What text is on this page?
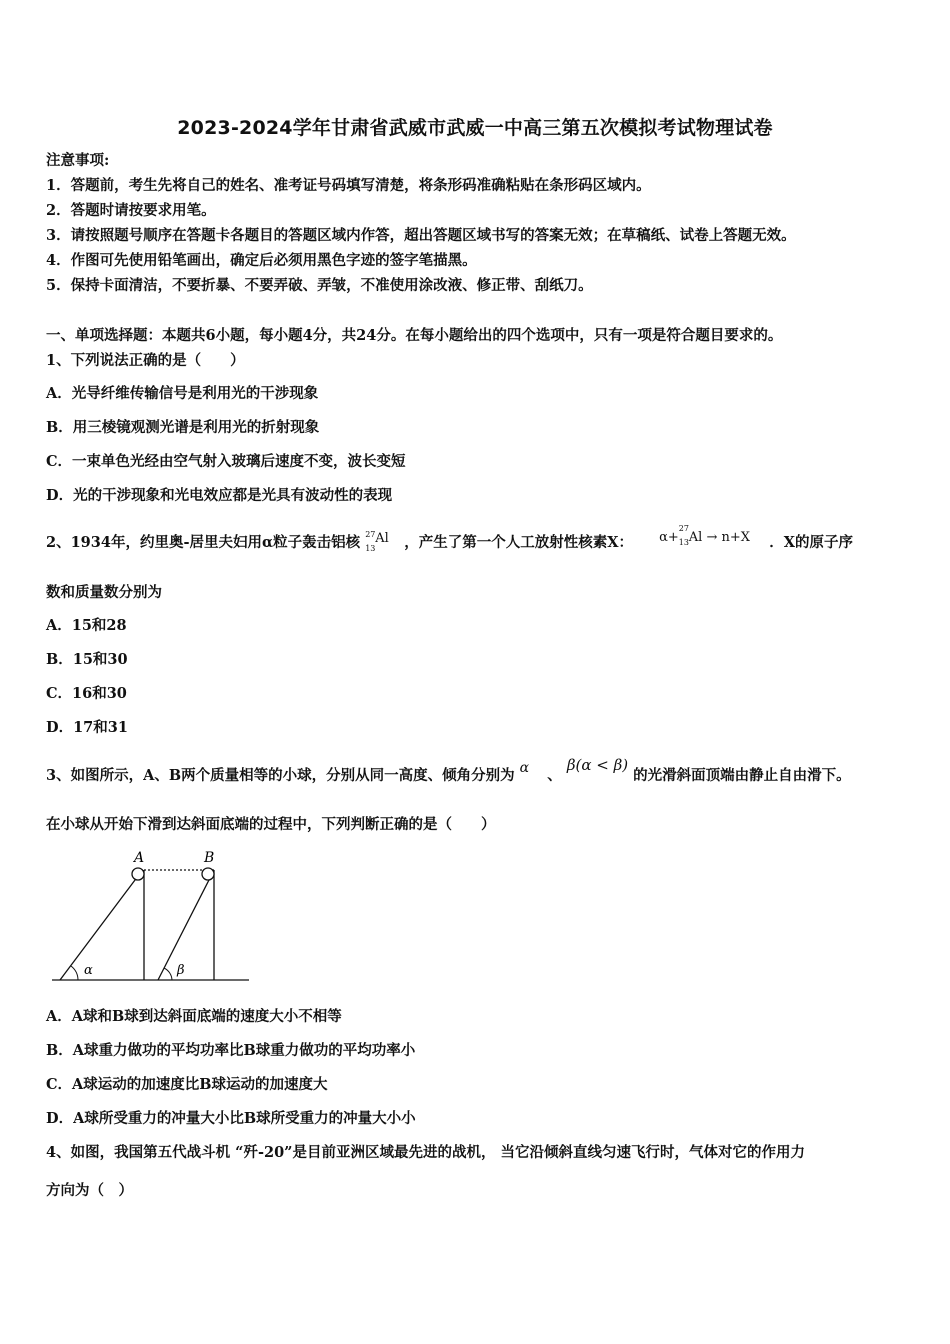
2023-2024学年甘肃省武威市武威一中高三第五次模拟考试物理试卷
注意事项:
1．答题前，考生先将自己的姓名、准考证号码填写清楚，将条形码准确粘贴在条形码区域内。
2．答题时请按要求用笔。
3．请按照题号顺序在答题卡各题目的答题区域内作答，超出答题区域书写的答案无效；在草稿纸、试卷上答题无效。
4．作图可先使用铅笔画出，确定后必须用黑色字迹的签字笔描黑。
5．保持卡面清洁，不要折暴、不要弄破、弄皱，不准使用涂改液、修正带、刮纸刀。
一、单项选择题：本题共6小题，每小题4分，共24分。在每小题给出的四个选项中，只有一项是符合题目要求的。
1、下列说法正确的是（　　）
A．光导纤维传输信号是利用光的干涉现象
B．用三棱镜观测光谱是利用光的折射现象
C．一束单色光经由空气射入玻璃后速度不变，波长变短
D．光的干涉现象和光电效应都是光具有波动性的表现
2、1934年，约里奥-居里夫妇用α粒子轰击铝核 27
13
Al ，产生了第一个人工放射性核素X： α+
27
13 Al → n+X ．X的原子序
数和质量数分别为
A．15和28
B．15和30
C．16和30
D．17和31
3、如图所示，A、B两个质量相等的小球，分别从同一高度、倾角分别为 α 、 β(α < β) 的光滑斜面顶端由静止自由滑下。
在小球从开始下滑到达斜面底端的过程中，下列判断正确的是（　　）
A	B
α	β
A．A球和B球到达斜面底端的速度大小不相等
B．A球重力做功的平均功率比B球重力做功的平均功率小
C．A球运动的加速度比B球运动的加速度大
D．A球所受重力的冲量大小比B球所受重力的冲量大小小
4、如图，我国第五代战斗机 “歼-20”是目前亚洲区域最先进的战机， 当它沿倾斜直线匀速飞行时，气体对它的作用力
方向为（　）
